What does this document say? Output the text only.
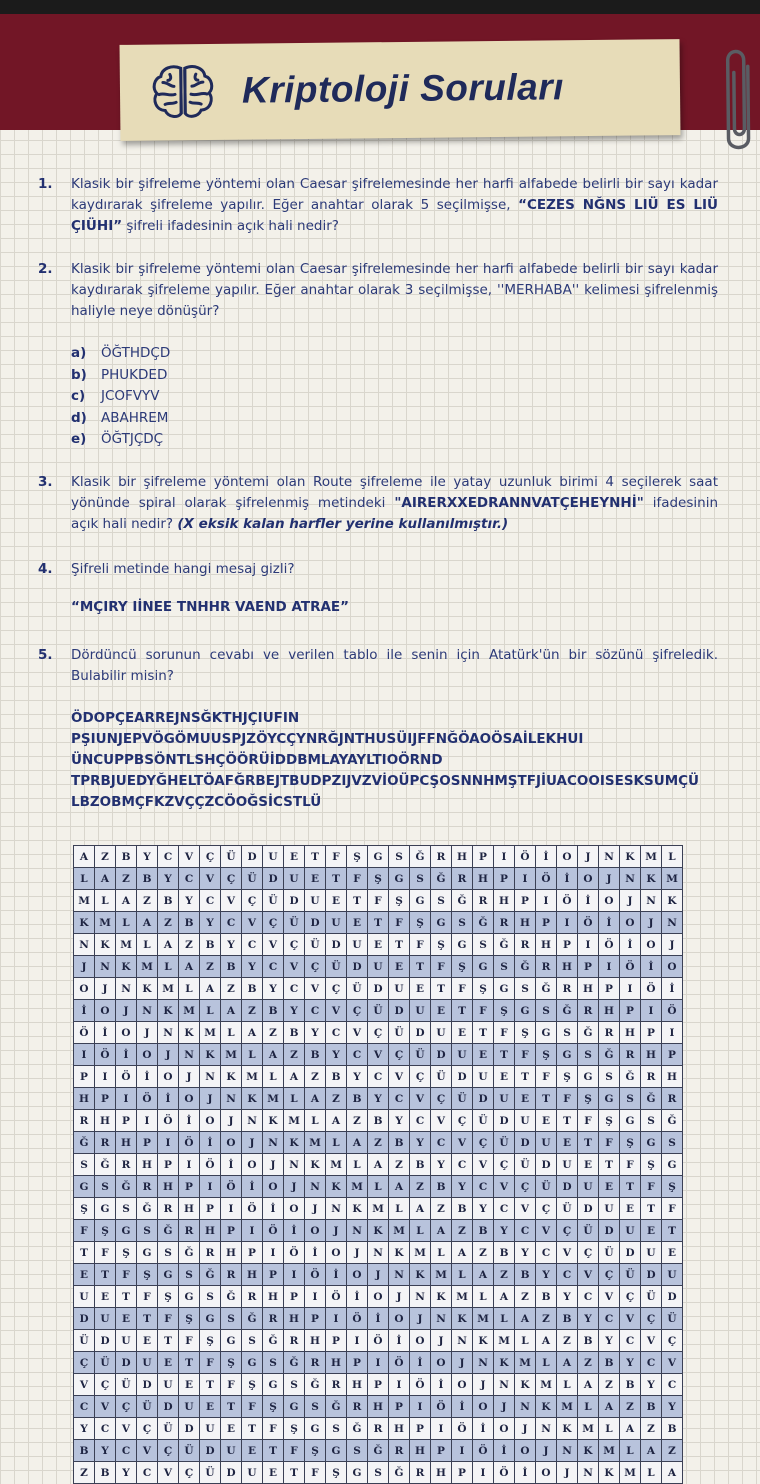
Kriptoloji Soruları
1. Klasik bir şifreleme yöntemi olan Caesar şifrelemesinde her harfi alfabede belirli bir sayı kadar kaydırarak şifreleme yapılır. Eğer anahtar olarak 5 seçilmişse, “CEZES NĞNS LIÜ ES LIÜ ÇIÜHI” şifreli ifadesinin açık hali nedir?
2. Klasik bir şifreleme yöntemi olan Caesar şifrelemesinde her harfi alfabede belirli bir sayı kadar kaydırarak şifreleme yapılır. Eğer anahtar olarak 3 seçilmişse, ''MERHABA'' kelimesi şifrelenmiş haliyle neye dönüşür?
a) ÖĞTHDÇD
b) PHUKDED
c) JCOFVYV
d) ABAHREM
e) ÖĞTJÇDÇ
3. Klasik bir şifreleme yöntemi olan Route şifreleme ile yatay uzunluk birimi 4 seçilerek saat yönünde spiral olarak şifrelenmiş metindeki "AIRERXXEDRANNVATÇEHEYNHİ" ifadesinin açık hali nedir? (X eksik kalan harfler yerine kullanılmıştır.)
4. Şifreli metinde hangi mesaj gizli?
“MÇIRY IİNEE TNHHR VAEND ATRAE”
5. Dördüncü sorunun cevabı ve verilen tablo ile senin için Atatürk'ün bir sözünü şifreledik. Bulabilir misin?
ÖDOPÇEARREJNSĞKTHJÇIUFIN
PŞIUNJEPVÖGÖMUUSPJZÖYCÇYNRĞJNTHUSÜIJFFNĞÖAOÖSAİLEKHUI
ÜNCUPPBSÖNTLSHÇÖÖRÜİDDBMLAYAYLTIOÖRND
TPRBJUEDYĞHELTÖAFĞRBEJTBUDPZIJVZVİOÜPCŞOSNNHMŞTFJİUACOOISESKSUMÇÜ
LBZOBMÇFKZVÇÇZCÖOĞSİCSTLÜ
A	Z	B	Y	C	V	Ç	Ü	D	U	E	T	F	Ş	G	S	Ğ	R	H	P	I	Ö	İ	O	J	N	K	M	L
L	A	Z	B	Y	C	V	Ç	Ü	D	U	E	T	F	Ş	G	S	Ğ	R	H	P	I	Ö	İ	O	J	N	K	M
M	L	A	Z	B	Y	C	V	Ç	Ü	D	U	E	T	F	Ş	G	S	Ğ	R	H	P	I	Ö	İ	O	J	N	K
K	M	L	A	Z	B	Y	C	V	Ç	Ü	D	U	E	T	F	Ş	G	S	Ğ	R	H	P	I	Ö	İ	O	J	N
N	K	M	L	A	Z	B	Y	C	V	Ç	Ü	D	U	E	T	F	Ş	G	S	Ğ	R	H	P	I	Ö	İ	O	J
J	N	K	M	L	A	Z	B	Y	C	V	Ç	Ü	D	U	E	T	F	Ş	G	S	Ğ	R	H	P	I	Ö	İ	O
O	J	N	K	M	L	A	Z	B	Y	C	V	Ç	Ü	D	U	E	T	F	Ş	G	S	Ğ	R	H	P	I	Ö	İ
İ	O	J	N	K	M	L	A	Z	B	Y	C	V	Ç	Ü	D	U	E	T	F	Ş	G	S	Ğ	R	H	P	I	Ö
Ö	İ	O	J	N	K	M	L	A	Z	B	Y	C	V	Ç	Ü	D	U	E	T	F	Ş	G	S	Ğ	R	H	P	I
I	Ö	İ	O	J	N	K	M	L	A	Z	B	Y	C	V	Ç	Ü	D	U	E	T	F	Ş	G	S	Ğ	R	H	P
P	I	Ö	İ	O	J	N	K	M	L	A	Z	B	Y	C	V	Ç	Ü	D	U	E	T	F	Ş	G	S	Ğ	R	H
H	P	I	Ö	İ	O	J	N	K	M	L	A	Z	B	Y	C	V	Ç	Ü	D	U	E	T	F	Ş	G	S	Ğ	R
R	H	P	I	Ö	İ	O	J	N	K	M	L	A	Z	B	Y	C	V	Ç	Ü	D	U	E	T	F	Ş	G	S	Ğ
Ğ	R	H	P	I	Ö	İ	O	J	N	K	M	L	A	Z	B	Y	C	V	Ç	Ü	D	U	E	T	F	Ş	G	S
S	Ğ	R	H	P	I	Ö	İ	O	J	N	K	M	L	A	Z	B	Y	C	V	Ç	Ü	D	U	E	T	F	Ş	G
G	S	Ğ	R	H	P	I	Ö	İ	O	J	N	K	M	L	A	Z	B	Y	C	V	Ç	Ü	D	U	E	T	F	Ş
Ş	G	S	Ğ	R	H	P	I	Ö	İ	O	J	N	K	M	L	A	Z	B	Y	C	V	Ç	Ü	D	U	E	T	F
F	Ş	G	S	Ğ	R	H	P	I	Ö	İ	O	J	N	K	M	L	A	Z	B	Y	C	V	Ç	Ü	D	U	E	T
T	F	Ş	G	S	Ğ	R	H	P	I	Ö	İ	O	J	N	K	M	L	A	Z	B	Y	C	V	Ç	Ü	D	U	E
E	T	F	Ş	G	S	Ğ	R	H	P	I	Ö	İ	O	J	N	K	M	L	A	Z	B	Y	C	V	Ç	Ü	D	U
U	E	T	F	Ş	G	S	Ğ	R	H	P	I	Ö	İ	O	J	N	K	M	L	A	Z	B	Y	C	V	Ç	Ü	D
D	U	E	T	F	Ş	G	S	Ğ	R	H	P	I	Ö	İ	O	J	N	K	M	L	A	Z	B	Y	C	V	Ç	Ü
Ü	D	U	E	T	F	Ş	G	S	Ğ	R	H	P	I	Ö	İ	O	J	N	K	M	L	A	Z	B	Y	C	V	Ç
Ç	Ü	D	U	E	T	F	Ş	G	S	Ğ	R	H	P	I	Ö	İ	O	J	N	K	M	L	A	Z	B	Y	C	V
V	Ç	Ü	D	U	E	T	F	Ş	G	S	Ğ	R	H	P	I	Ö	İ	O	J	N	K	M	L	A	Z	B	Y	C
C	V	Ç	Ü	D	U	E	T	F	Ş	G	S	Ğ	R	H	P	I	Ö	İ	O	J	N	K	M	L	A	Z	B	Y
Y	C	V	Ç	Ü	D	U	E	T	F	Ş	G	S	Ğ	R	H	P	I	Ö	İ	O	J	N	K	M	L	A	Z	B
B	Y	C	V	Ç	Ü	D	U	E	T	F	Ş	G	S	Ğ	R	H	P	I	Ö	İ	O	J	N	K	M	L	A	Z
Z	B	Y	C	V	Ç	Ü	D	U	E	T	F	Ş	G	S	Ğ	R	H	P	I	Ö	İ	O	J	N	K	M	L	A
